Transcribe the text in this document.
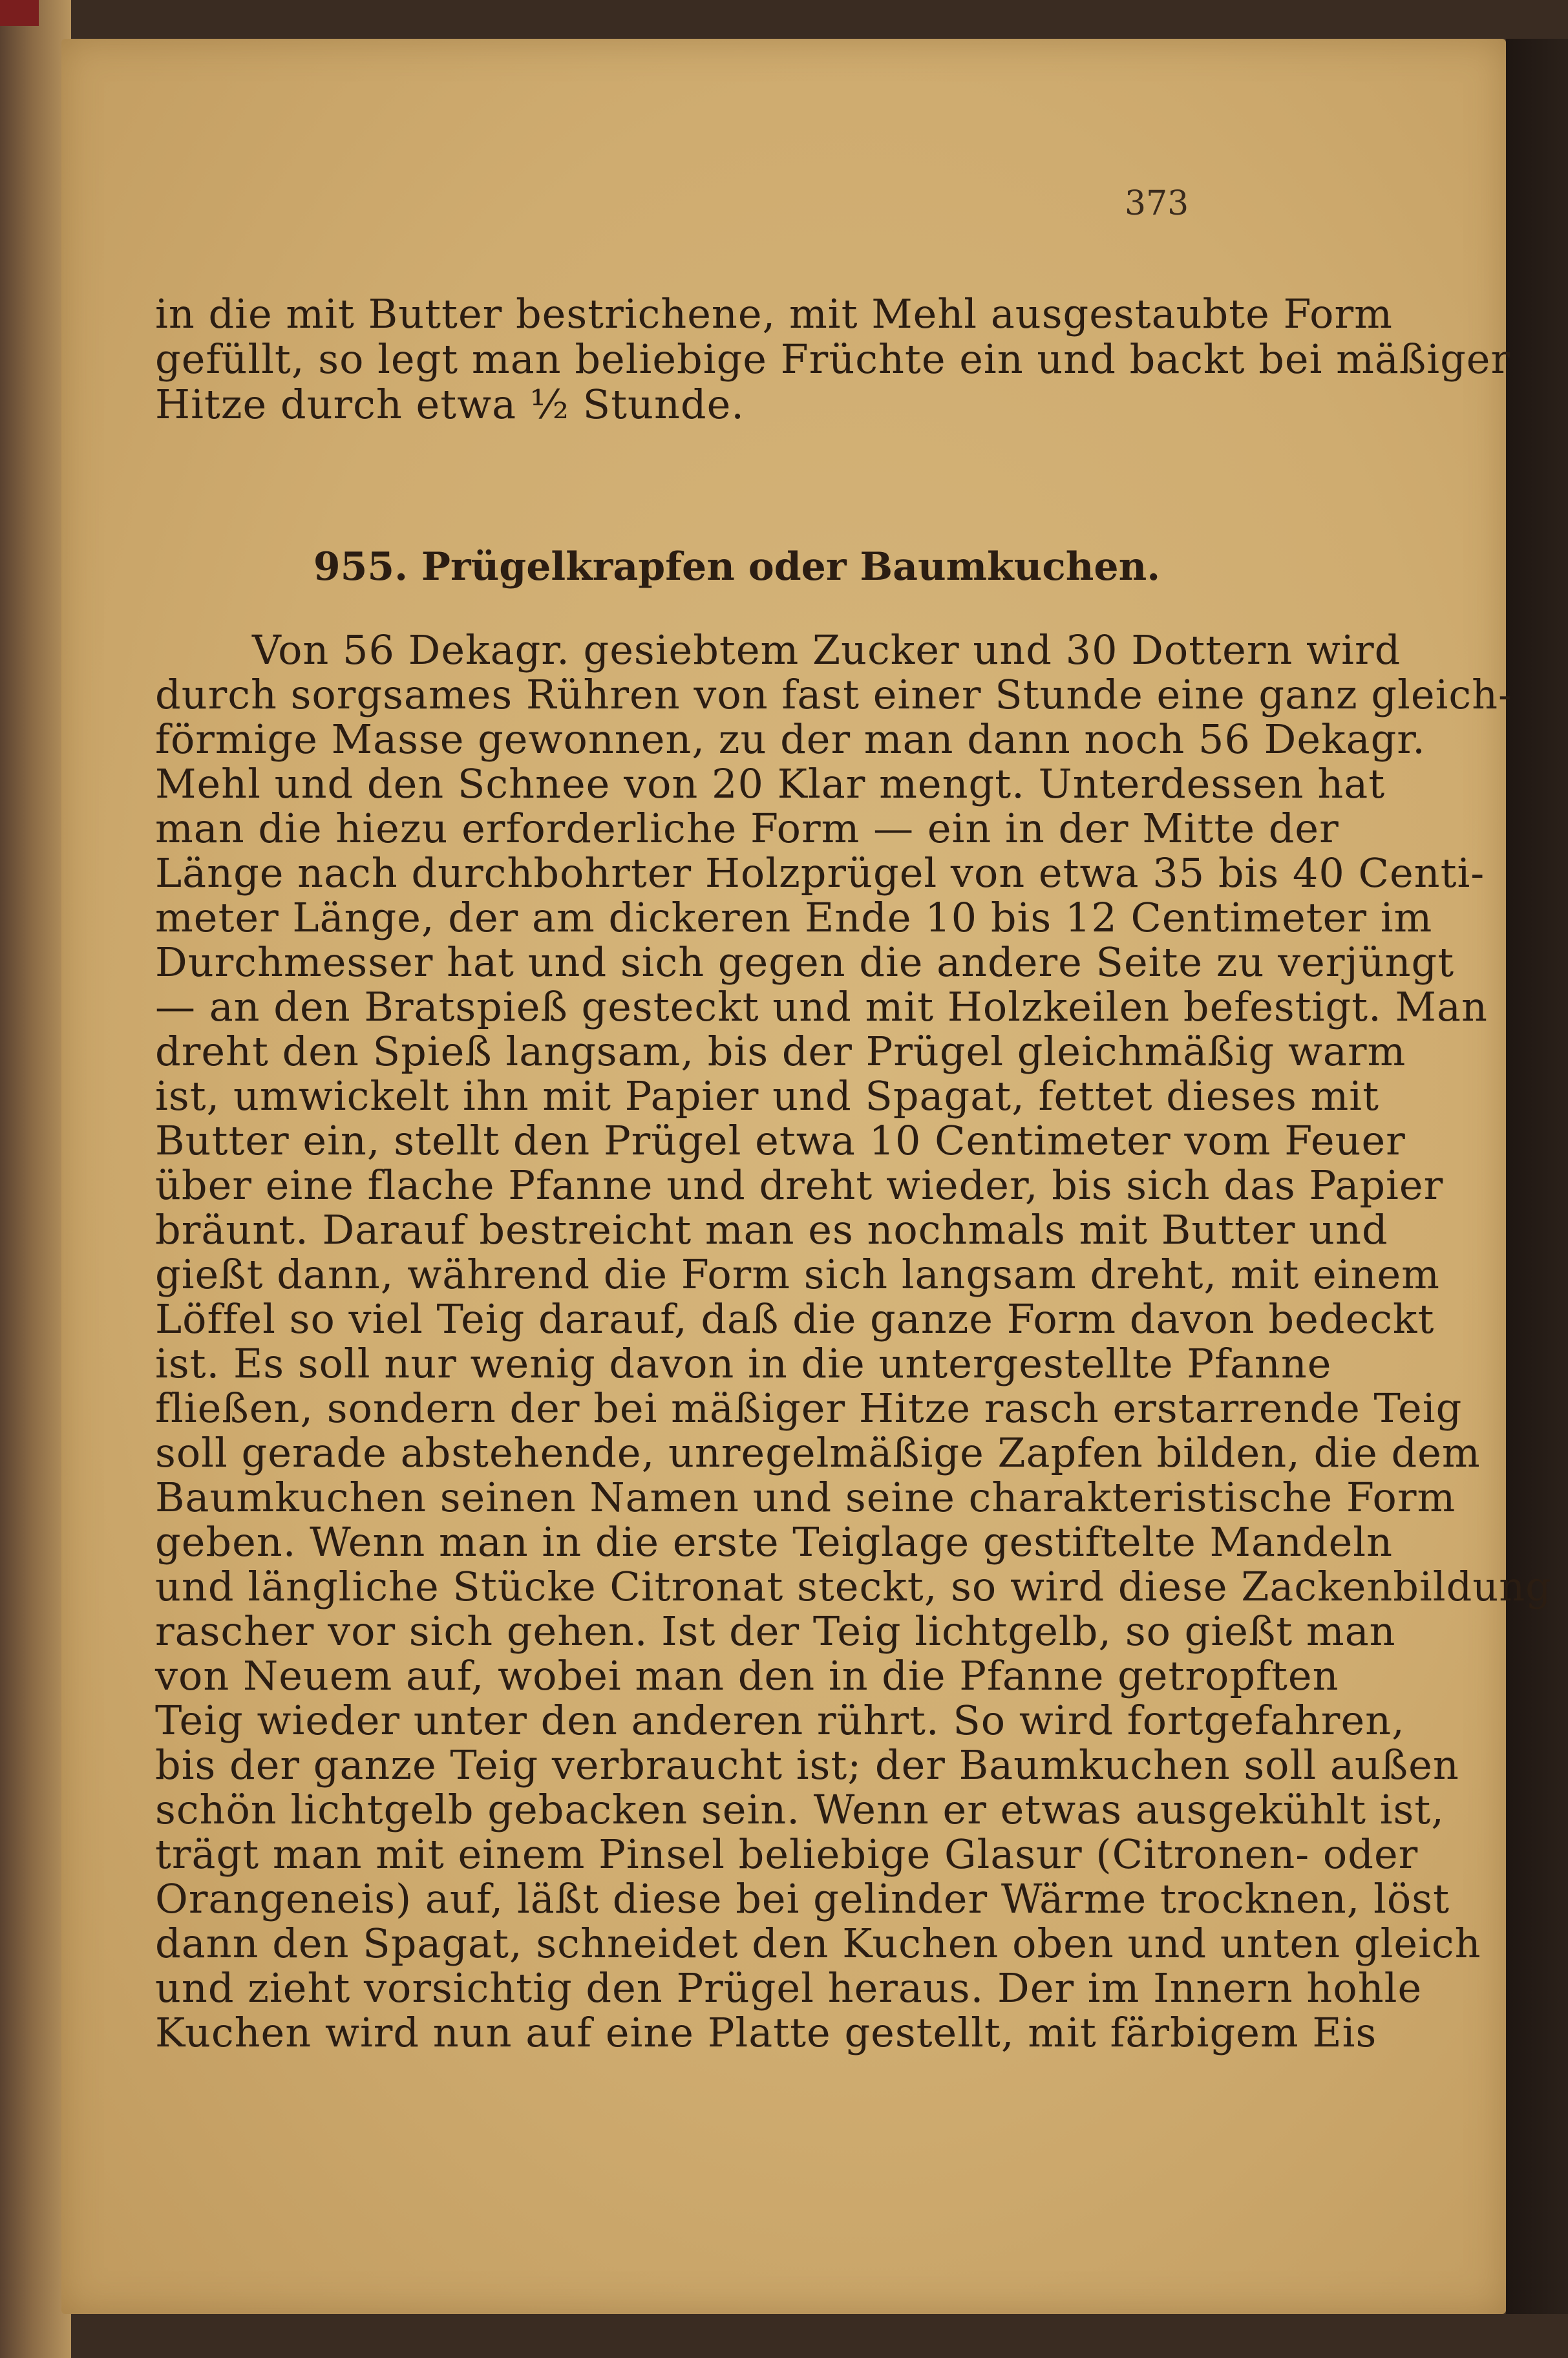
373
in die mit Butter bestrichene, mit Mehl ausgestaubte Form
gefüllt, so legt man beliebige Früchte ein und backt bei mäßiger
Hitze durch etwa ½ Stunde.
955. Prügelkrapfen oder Baumkuchen.
Von 56 Dekagr. gesiebtem Zucker und 30 Dottern wird
durch sorgsames Rühren von fast einer Stunde eine ganz gleich-
förmige Masse gewonnen, zu der man dann noch 56 Dekagr.
Mehl und den Schnee von 20 Klar mengt. Unterdessen hat
man die hiezu erforderliche Form — ein in der Mitte der
Länge nach durchbohrter Holzprügel von etwa 35 bis 40 Centi-
meter Länge, der am dickeren Ende 10 bis 12 Centimeter im
Durchmesser hat und sich gegen die andere Seite zu verjüngt
— an den Bratspieß gesteckt und mit Holzkeilen befestigt. Man
dreht den Spieß langsam, bis der Prügel gleichmäßig warm
ist, umwickelt ihn mit Papier und Spagat, fettet dieses mit
Butter ein, stellt den Prügel etwa 10 Centimeter vom Feuer
über eine flache Pfanne und dreht wieder, bis sich das Papier
bräunt. Darauf bestreicht man es nochmals mit Butter und
gießt dann, während die Form sich langsam dreht, mit einem
Löffel so viel Teig darauf, daß die ganze Form davon bedeckt
ist. Es soll nur wenig davon in die untergestellte Pfanne
fließen, sondern der bei mäßiger Hitze rasch erstarrende Teig
soll gerade abstehende, unregelmäßige Zapfen bilden, die dem
Baumkuchen seinen Namen und seine charakteristische Form
geben. Wenn man in die erste Teiglage gestiftelte Mandeln
und längliche Stücke Citronat steckt, so wird diese Zackenbildung
rascher vor sich gehen. Ist der Teig lichtgelb, so gießt man
von Neuem auf, wobei man den in die Pfanne getropften
Teig wieder unter den anderen rührt. So wird fortgefahren,
bis der ganze Teig verbraucht ist; der Baumkuchen soll außen
schön lichtgelb gebacken sein. Wenn er etwas ausgekühlt ist,
trägt man mit einem Pinsel beliebige Glasur (Citronen- oder
Orangeneis) auf, läßt diese bei gelinder Wärme trocknen, löst
dann den Spagat, schneidet den Kuchen oben und unten gleich
und zieht vorsichtig den Prügel heraus. Der im Innern hohle
Kuchen wird nun auf eine Platte gestellt, mit färbigem Eis
